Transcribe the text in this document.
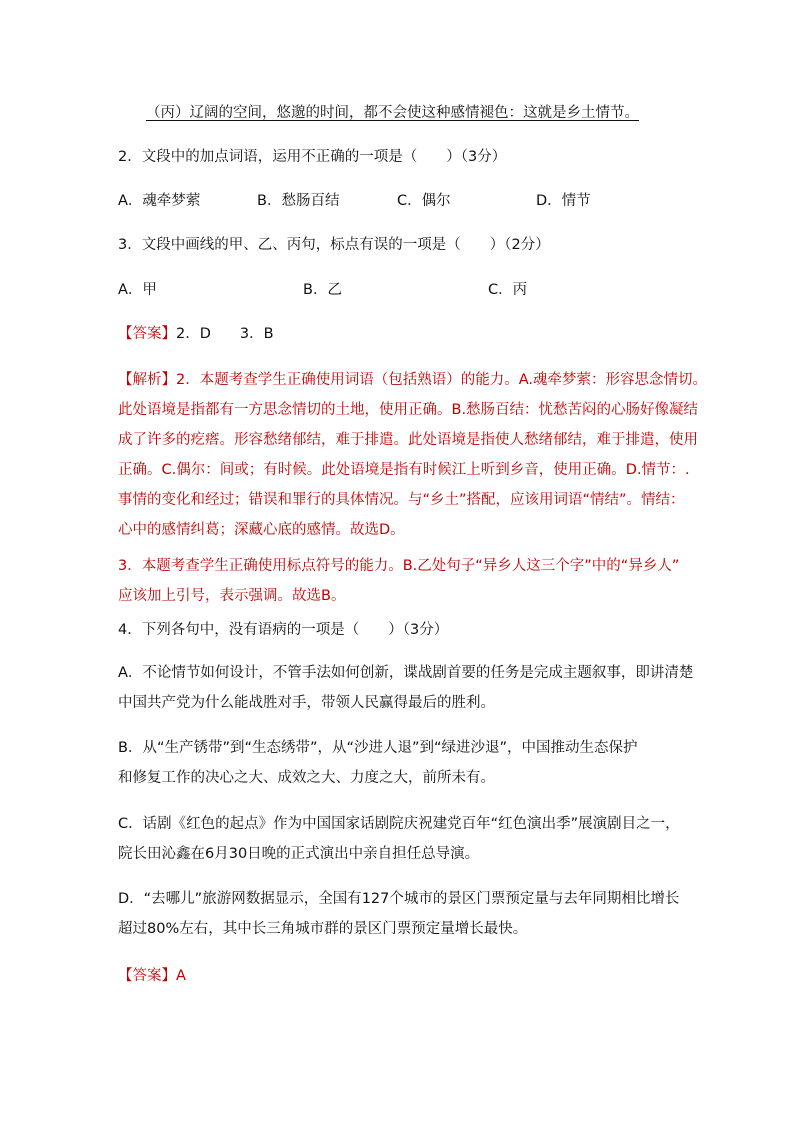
（丙）辽阔的空间，悠邈的时间，都不会使这种感情褪色：这就是乡土情节。
2．文段中的加点词语，运用不正确的一项是（　　）（3分）
A．魂牵梦萦	B．愁肠百结	C．偶尔	D．情节
3．文段中画线的甲、乙、丙句，标点有误的一项是（　　）（2分）
A．甲	B．乙	C．丙
【答案】2．D　　3．B
【解析】2．本题考查学生正确使用词语（包括熟语）的能力。A.魂牵梦萦：形容思念情切。
此处语境是指都有一方思念情切的土地，使用正确。B.愁肠百结：忧愁苦闷的心肠好像凝结
成了许多的疙瘩。形容愁绪郁结，难于排遣。此处语境是指使人愁绪郁结，难于排遣，使用
正确。C.偶尔：间或；有时候。此处语境是指有时候江上听到乡音，使用正确。D.情节：.
事情的变化和经过；错误和罪行的具体情况。与“乡土”搭配，应该用词语“情结”。情结：
心中的感情纠葛；深藏心底的感情。故选D。
3．本题考查学生正确使用标点符号的能力。B.乙处句子“异乡人这三个字”中的“异乡人”
应该加上引号，表示强调。故选B。
4．下列各句中，没有语病的一项是（　　）（3分）
A．不论情节如何设计，不管手法如何创新，谍战剧首要的任务是完成主题叙事，即讲清楚
中国共产党为什么能战胜对手，带领人民赢得最后的胜利。
B．从“生产锈带”到“生态绣带”，从“沙进人退”到“绿进沙退”，中国推动生态保护
和修复工作的决心之大、成效之大、力度之大，前所未有。
C．话剧《红色的起点》作为中国国家话剧院庆祝建党百年“红色演出季”展演剧目之一，
院长田沁鑫在6月30日晚的正式演出中亲自担任总导演。
D．“去哪儿”旅游网数据显示，全国有127个城市的景区门票预定量与去年同期相比增长
超过80%左右，其中长三角城市群的景区门票预定量增长最快。
【答案】A
